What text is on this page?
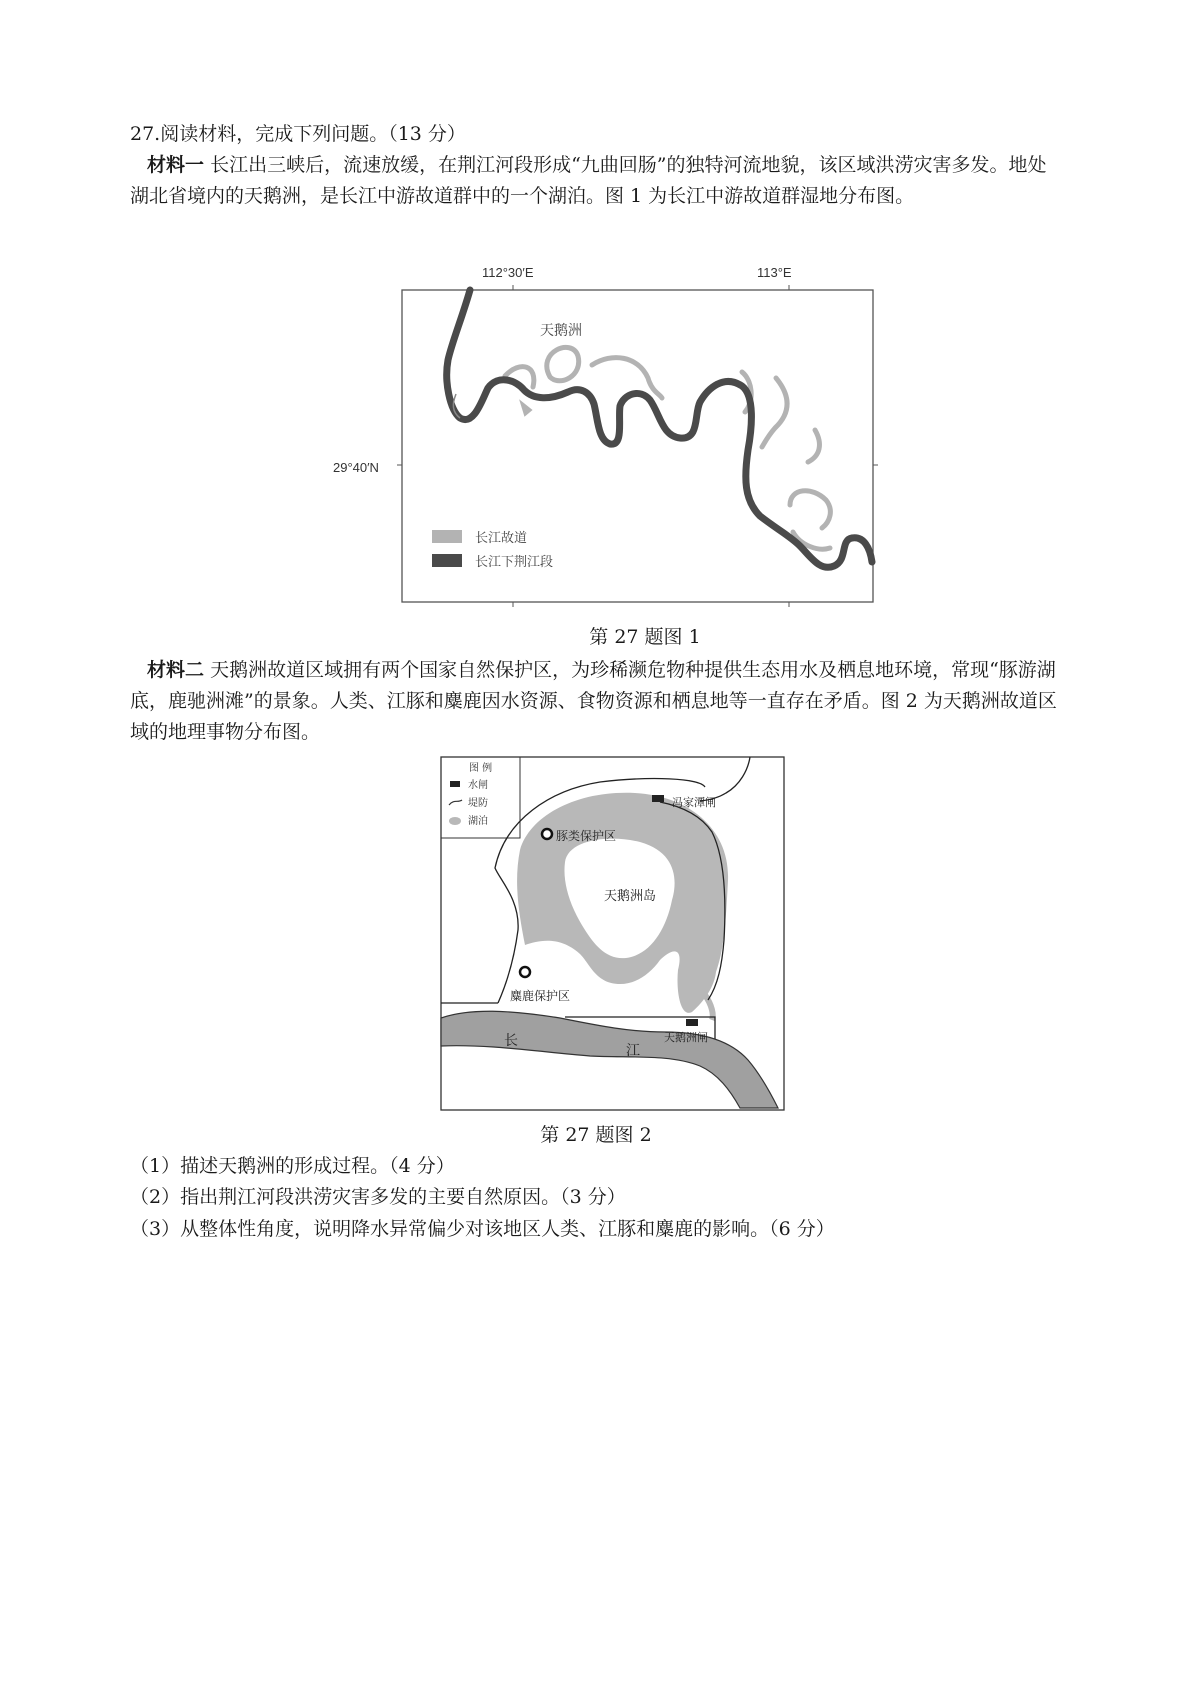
27.阅读材料，完成下列问题。（13 分）
材料一 长江出三峡后，流速放缓，在荆江河段形成“九曲回肠”的独特河流地貌，该区域洪涝灾害多发。地处湖北省境内的天鹅洲，是长江中游故道群中的一个湖泊。图 1 为长江中游故道群湿地分布图。
112°30′E	113°E
29°40′N
天鹅洲
长江故道
长江下荆江段
第 27 题图 1
材料二 天鹅洲故道区域拥有两个国家自然保护区，为珍稀濒危物种提供生态用水及栖息地环境，常现“豚游湖底，鹿驰洲滩”的景象。人类、江豚和麋鹿因水资源、食物资源和栖息地等一直存在矛盾。图 2 为天鹅洲故道区域的地理事物分布图。
图 例
水闸
堤防
湖泊
豚类保护区
天鹅洲岛
麋鹿保护区
冯家潭闸
天鹅洲闸
长
江
第 27 题图 2
（1）描述天鹅洲的形成过程。（4 分）
（2）指出荆江河段洪涝灾害多发的主要自然原因。（3 分）
（3）从整体性角度，说明降水异常偏少对该地区人类、江豚和麋鹿的影响。（6 分）
